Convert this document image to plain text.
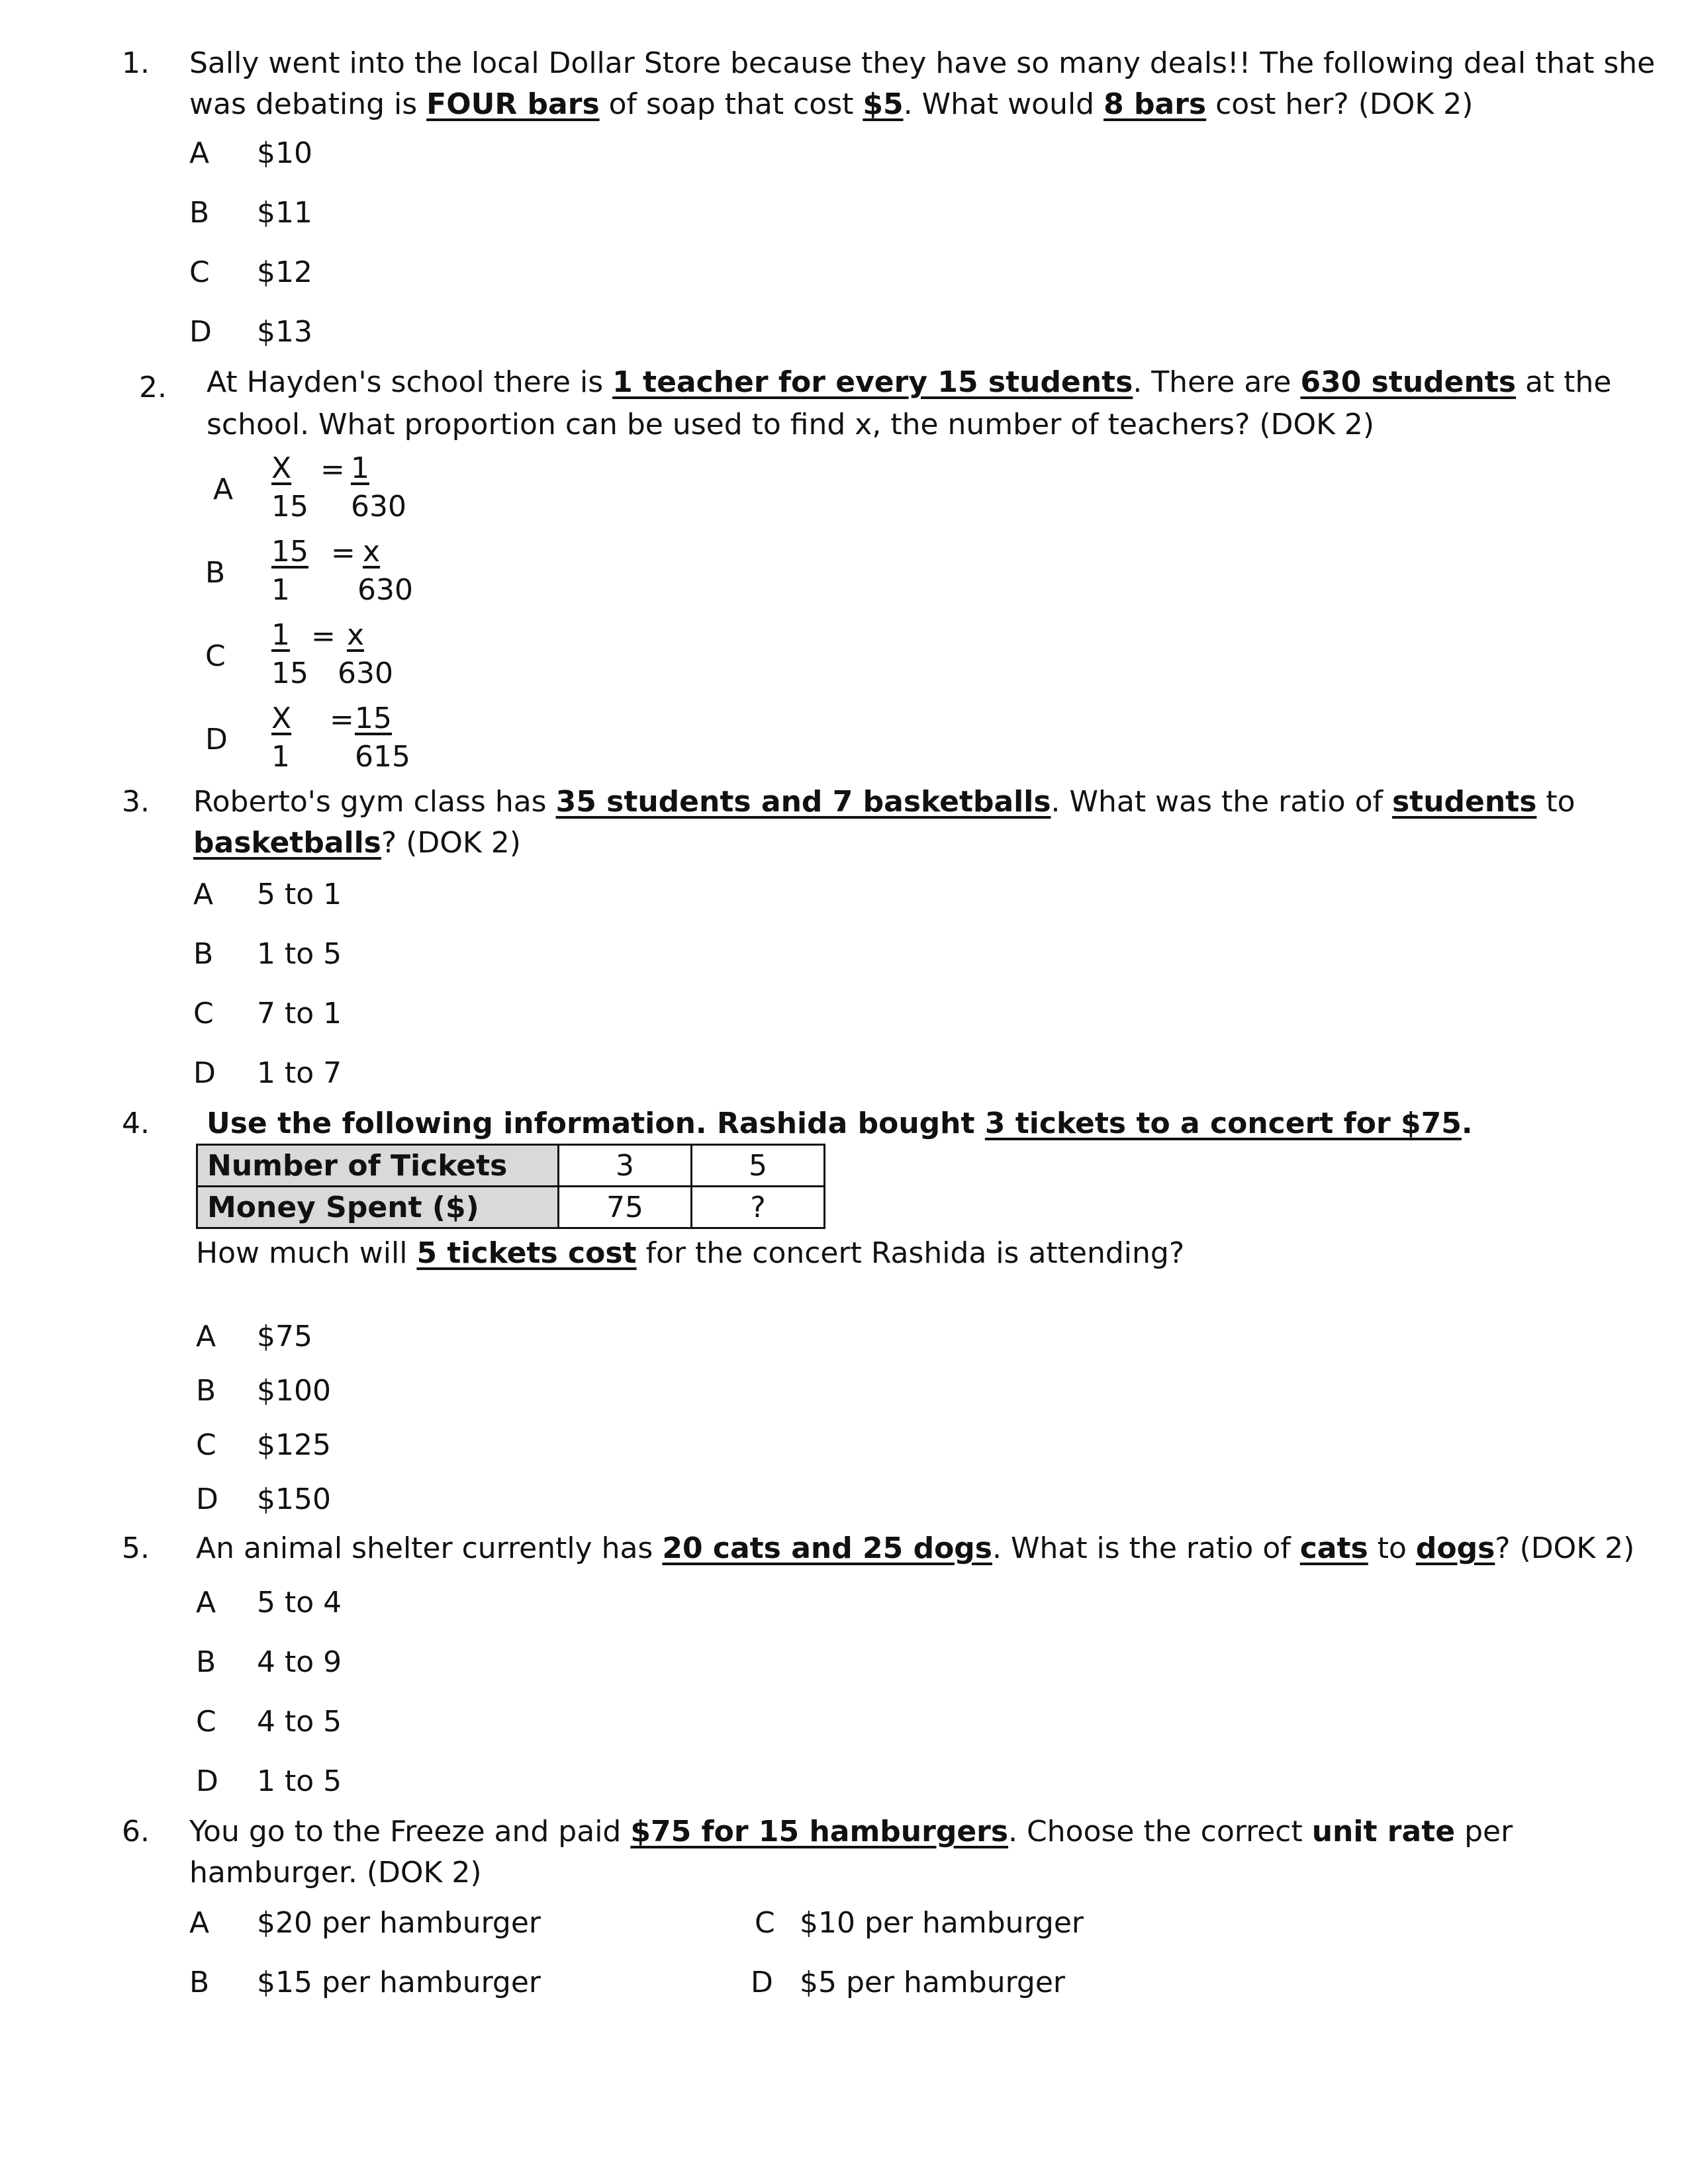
1. Sally went into the local Dollar Store because they have so many deals!! The following deal that she
was debating is FOUR bars of soap that cost $5. What would 8 bars cost her? (DOK 2)
A $10
B $11
C $12
D $13
2. At Hayden's school there is 1 teacher for every 15 students. There are 630 students at the
school. What proportion can be used to find x, the number of teachers? (DOK 2)
A $\frac{X}{15} = \frac{1}{630}$
B $\frac{15}{1} = \frac{x}{630}$
C $\frac{1}{15} = \frac{x}{630}$
D $\frac{X}{1} = \frac{15}{615}$
3. Roberto's gym class has 35 students and 7 basketballs. What was the ratio of students to
basketballs? (DOK 2)
A 5 to 1
B 1 to 5
C 7 to 1
D 1 to 7
4. Use the following information. Rashida bought 3 tickets to a concert for $75.
Number of Tickets	3	5
Money Spent ($)	75	?
How much will 5 tickets cost for the concert Rashida is attending?
A $75
B $100
C $125
D $150
5. An animal shelter currently has 20 cats and 25 dogs. What is the ratio of cats to dogs? (DOK 2)
A 5 to 4
B 4 to 9
C 4 to 5
D 1 to 5
6. You go to the Freeze and paid $75 for 15 hamburgers. Choose the correct unit rate per
hamburger. (DOK 2)
A $20 per hamburger
B $15 per hamburger
C $10 per hamburger
D $5 per hamburger
